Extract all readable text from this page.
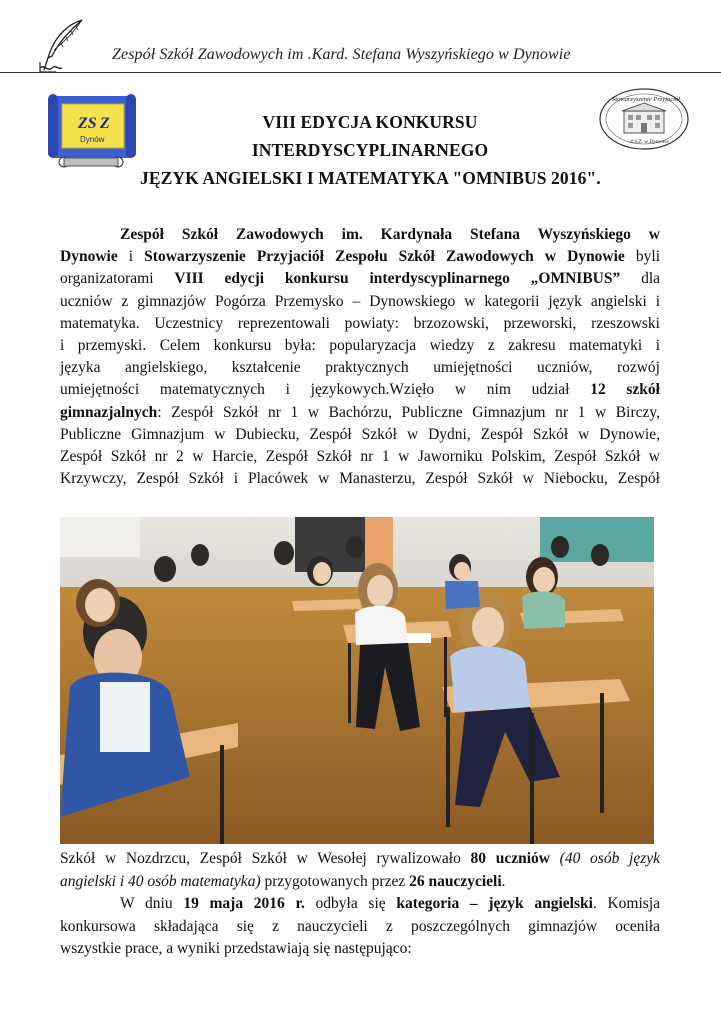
Zespół Szkół Zawodowych im .Kard. Stefana Wyszyńskiego w Dynowie
ZS Z
Dynów
Stowarzyszenie Przyjaciół
Z.S.Z. w Dynowie
VIII EDYCJA KONKURSU
INTERDYSCYPLINARNEGO
JĘZYK ANGIELSKI I MATEMATYKA "OMNIBUS 2016".
Zespół Szkół Zawodowych im. Kardynała Stefana Wyszyńskiego w
Dynowie i Stowarzyszenie Przyjaciół Zespołu Szkół Zawodowych w Dynowie byli
organizatorami VIII edycji konkursu interdyscyplinarnego „OMNIBUS” dla
uczniów z gimnazjów Pogórza Przemysko – Dynowskiego w kategorii język angielski i
matematyka. Uczestnicy reprezentowali powiaty: brzozowski, przeworski, rzeszowski
i przemyski. Celem konkursu była: popularyzacja wiedzy z zakresu matematyki i
języka angielskiego, kształcenie praktycznych umiejętności uczniów, rozwój
umiejętności matematycznych i językowych.Wzięło w nim udział 12 szkół
gimnazjalnych: Zespół Szkół nr 1 w Bachórzu, Publiczne Gimnazjum nr 1 w Birczy,
Publiczne Gimnazjum w Dubiecku, Zespół Szkół w Dydni, Zespół Szkół w Dynowie,
Zespół Szkół nr 2 w Harcie, Zespół Szkół nr 1 w Jaworniku Polskim, Zespół Szkół w
Krzywczy, Zespół Szkół i Placówek w Manasterzu, Zespół Szkół w Niebocku, Zespół
Szkół w Nozdrzcu, Zespół Szkół w Wesołej rywalizowało 80 uczniów (40 osób język
angielski i 40 osób matematyka) przygotowanych przez 26 nauczycieli.
W dniu 19 maja 2016 r. odbyła się kategoria – język angielski. Komisja
konkursowa składająca się z nauczycieli z poszczególnych gimnazjów oceniła
wszystkie prace, a wyniki przedstawiają się następująco:
